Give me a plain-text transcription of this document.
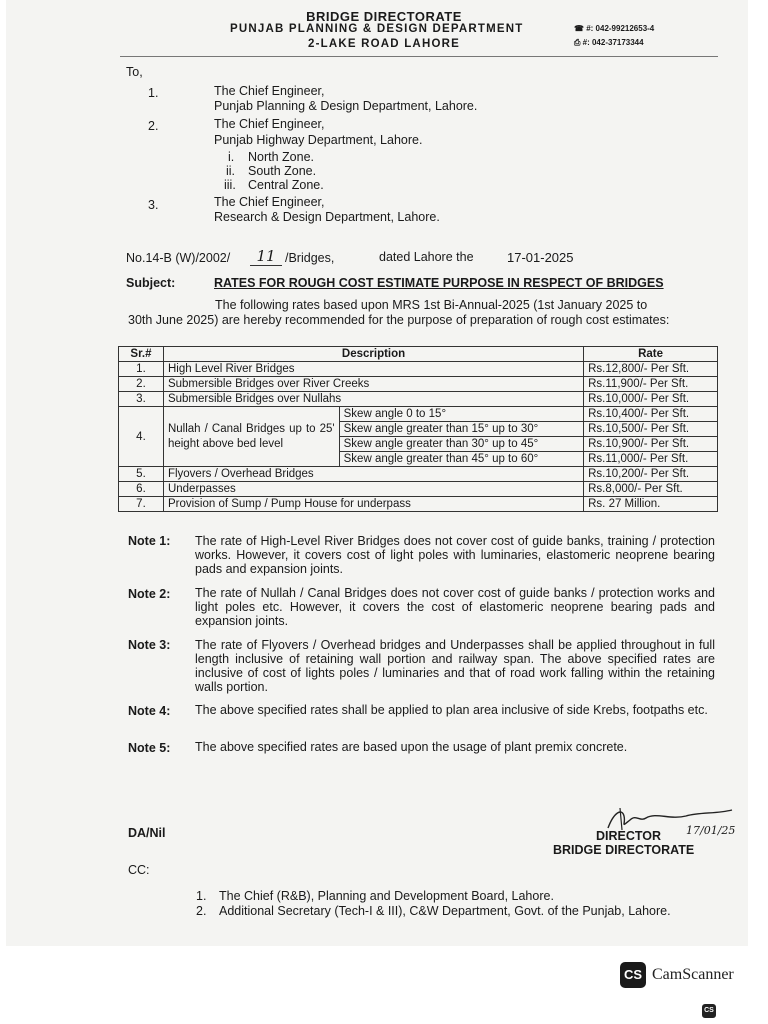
BRIDGE DIRECTORATE
PUNJAB PLANNING & DESIGN DEPARTMENT
2-LAKE ROAD LAHORE
☎ #: 042-99212653-4
⎙ #: 042-37173344
To,
1.	The Chief Engineer,
Punjab Planning & Design Department, Lahore.
2.	The Chief Engineer,
Punjab Highway Department, Lahore.
i. North Zone.
ii. South Zone.
iii. Central Zone.
3.	The Chief Engineer,
Research & Design Department, Lahore.
No.14-B (W)/2002/	11 /Bridges,	dated Lahore the	17-01-2025
Subject:	RATES FOR ROUGH COST ESTIMATE PURPOSE IN RESPECT OF BRIDGES
The following rates based upon MRS 1st Bi-Annual-2025 (1st January 2025 to
30th June 2025) are hereby recommended for the purpose of preparation of rough cost estimates:
Sr.#	Description		Rate
1.	High Level River Bridges		Rs.12,800/- Per Sft.
2.	Submersible Bridges over River Creeks		Rs.11,900/- Per Sft.
3.	Submersible Bridges over Nullahs		Rs.10,000/- Per Sft.
4.	Nullah / Canal Bridges up to 25' height above bed level	Skew angle 0 to 15°	Rs.10,400/- Per Sft.
		Skew angle greater than 15° up to 30°	Rs.10,500/- Per Sft.
		Skew angle greater than 30° up to 45°	Rs.10,900/- Per Sft.
		Skew angle greater than 45° up to 60°	Rs.11,000/- Per Sft.
5.	Flyovers / Overhead Bridges		Rs.10,200/- Per Sft.
6.	Underpasses		Rs.8,000/- Per Sft.
7.	Provision of Sump / Pump House for underpass		Rs. 27 Million.
Note 1: The rate of High-Level River Bridges does not cover cost of guide banks, training / protection works. However, it covers cost of light poles with luminaries, elastomeric neoprene bearing pads and expansion joints.
Note 2: The rate of Nullah / Canal Bridges does not cover cost of guide banks / protection works and light poles etc. However, it covers the cost of elastomeric neoprene bearing pads and expansion joints.
Note 3: The rate of Flyovers / Overhead bridges and Underpasses shall be applied throughout in full length inclusive of retaining wall portion and railway span. The above specified rates are inclusive of cost of lights poles / luminaries and that of road work falling within the retaining walls portion.
Note 4: The above specified rates shall be applied to plan area inclusive of side Krebs, footpaths etc.
Note 5: The above specified rates are based upon the usage of plant premix concrete.
17/01/25
DIRECTOR
BRIDGE DIRECTORATE
DA/Nil
CC:
1. The Chief (R&B), Planning and Development Board, Lahore.
2. Additional Secretary (Tech-I & III), C&W Department, Govt. of the Punjab, Lahore.
CS CamScanner
CS
